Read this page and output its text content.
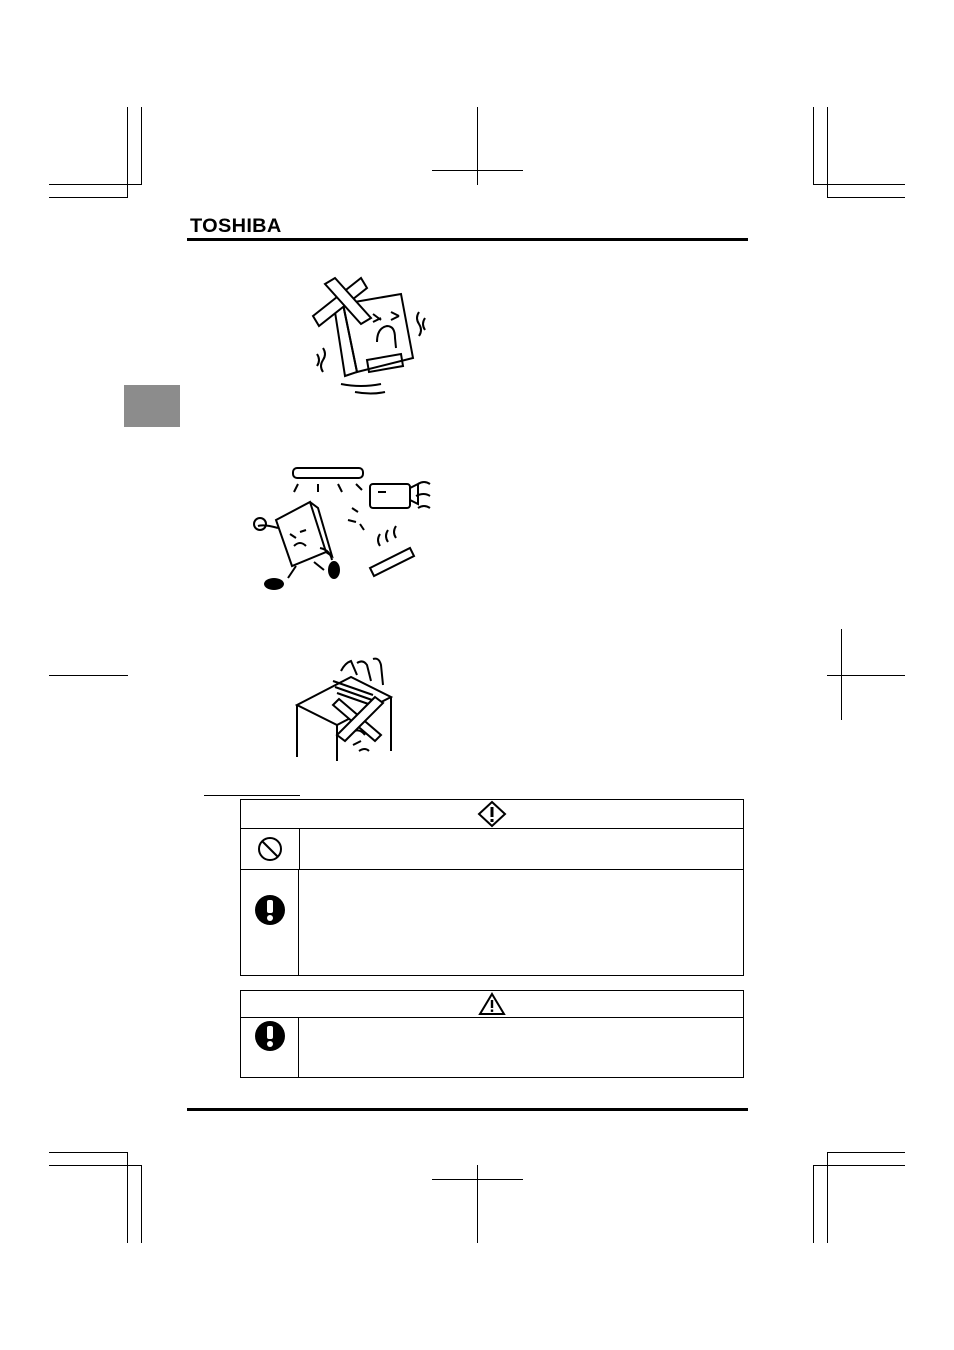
TOSHIBA
